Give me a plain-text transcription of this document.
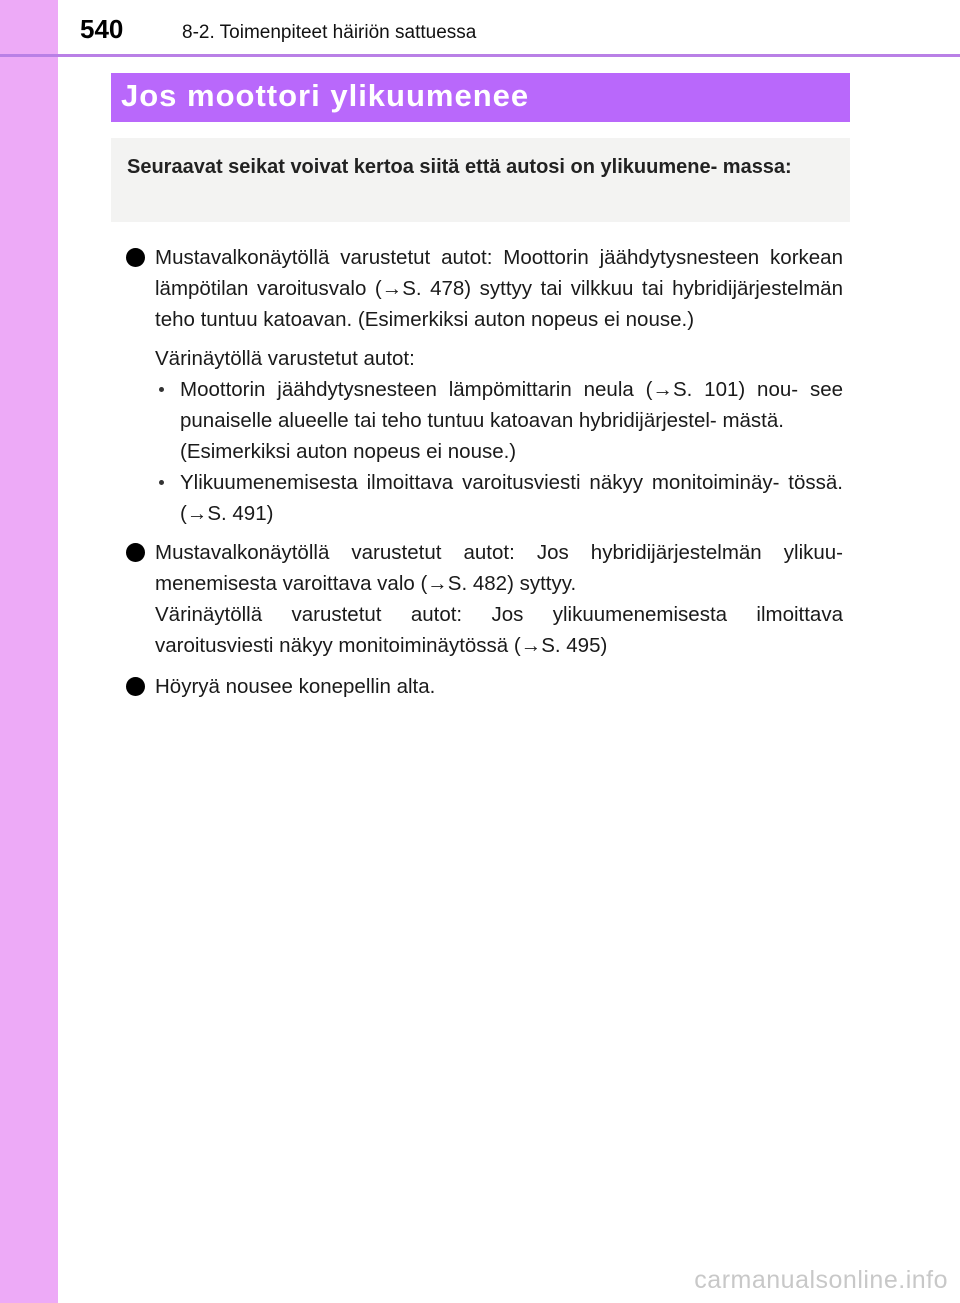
540	8-2. Toimenpiteet häiriön sattuessa
Jos moottori ylikuumenee

Seuraavat seikat voivat kertoa siitä että autosi on ylikuumene- massa:

Mustavalkonäytöllä varustetut autot: Moottorin jäähdytysnesteen korkean lämpötilan varoitusvalo (→S. 478) syttyy tai vilkkuu tai hybridijärjestelmän teho tuntuu katoavan. (Esimerkiksi auton nopeus ei nouse.)

Värinäytöllä varustetut autot:

Moottorin jäähdytysnesteen lämpömittarin neula (→S. 101) nou- see punaiselle alueelle tai teho tuntuu katoavan hybridijärjestel- mästä.
(Esimerkiksi auton nopeus ei nouse.)
Ylikuumenemisesta ilmoittava varoitusviesti näkyy monitoiminäy- tössä. (→S. 491)

Mustavalkonäytöllä varustetut autot: Jos hybridijärjestelmän ylikuu- menemisesta varoittava valo (→S. 482) syttyy.

Värinäytöllä varustetut autot: Jos ylikuumenemisesta ilmoittava varoitusviesti näkyy monitoiminäytössä (→S. 495)

Höyryä nousee konepellin alta.

carmanualsonline.info
